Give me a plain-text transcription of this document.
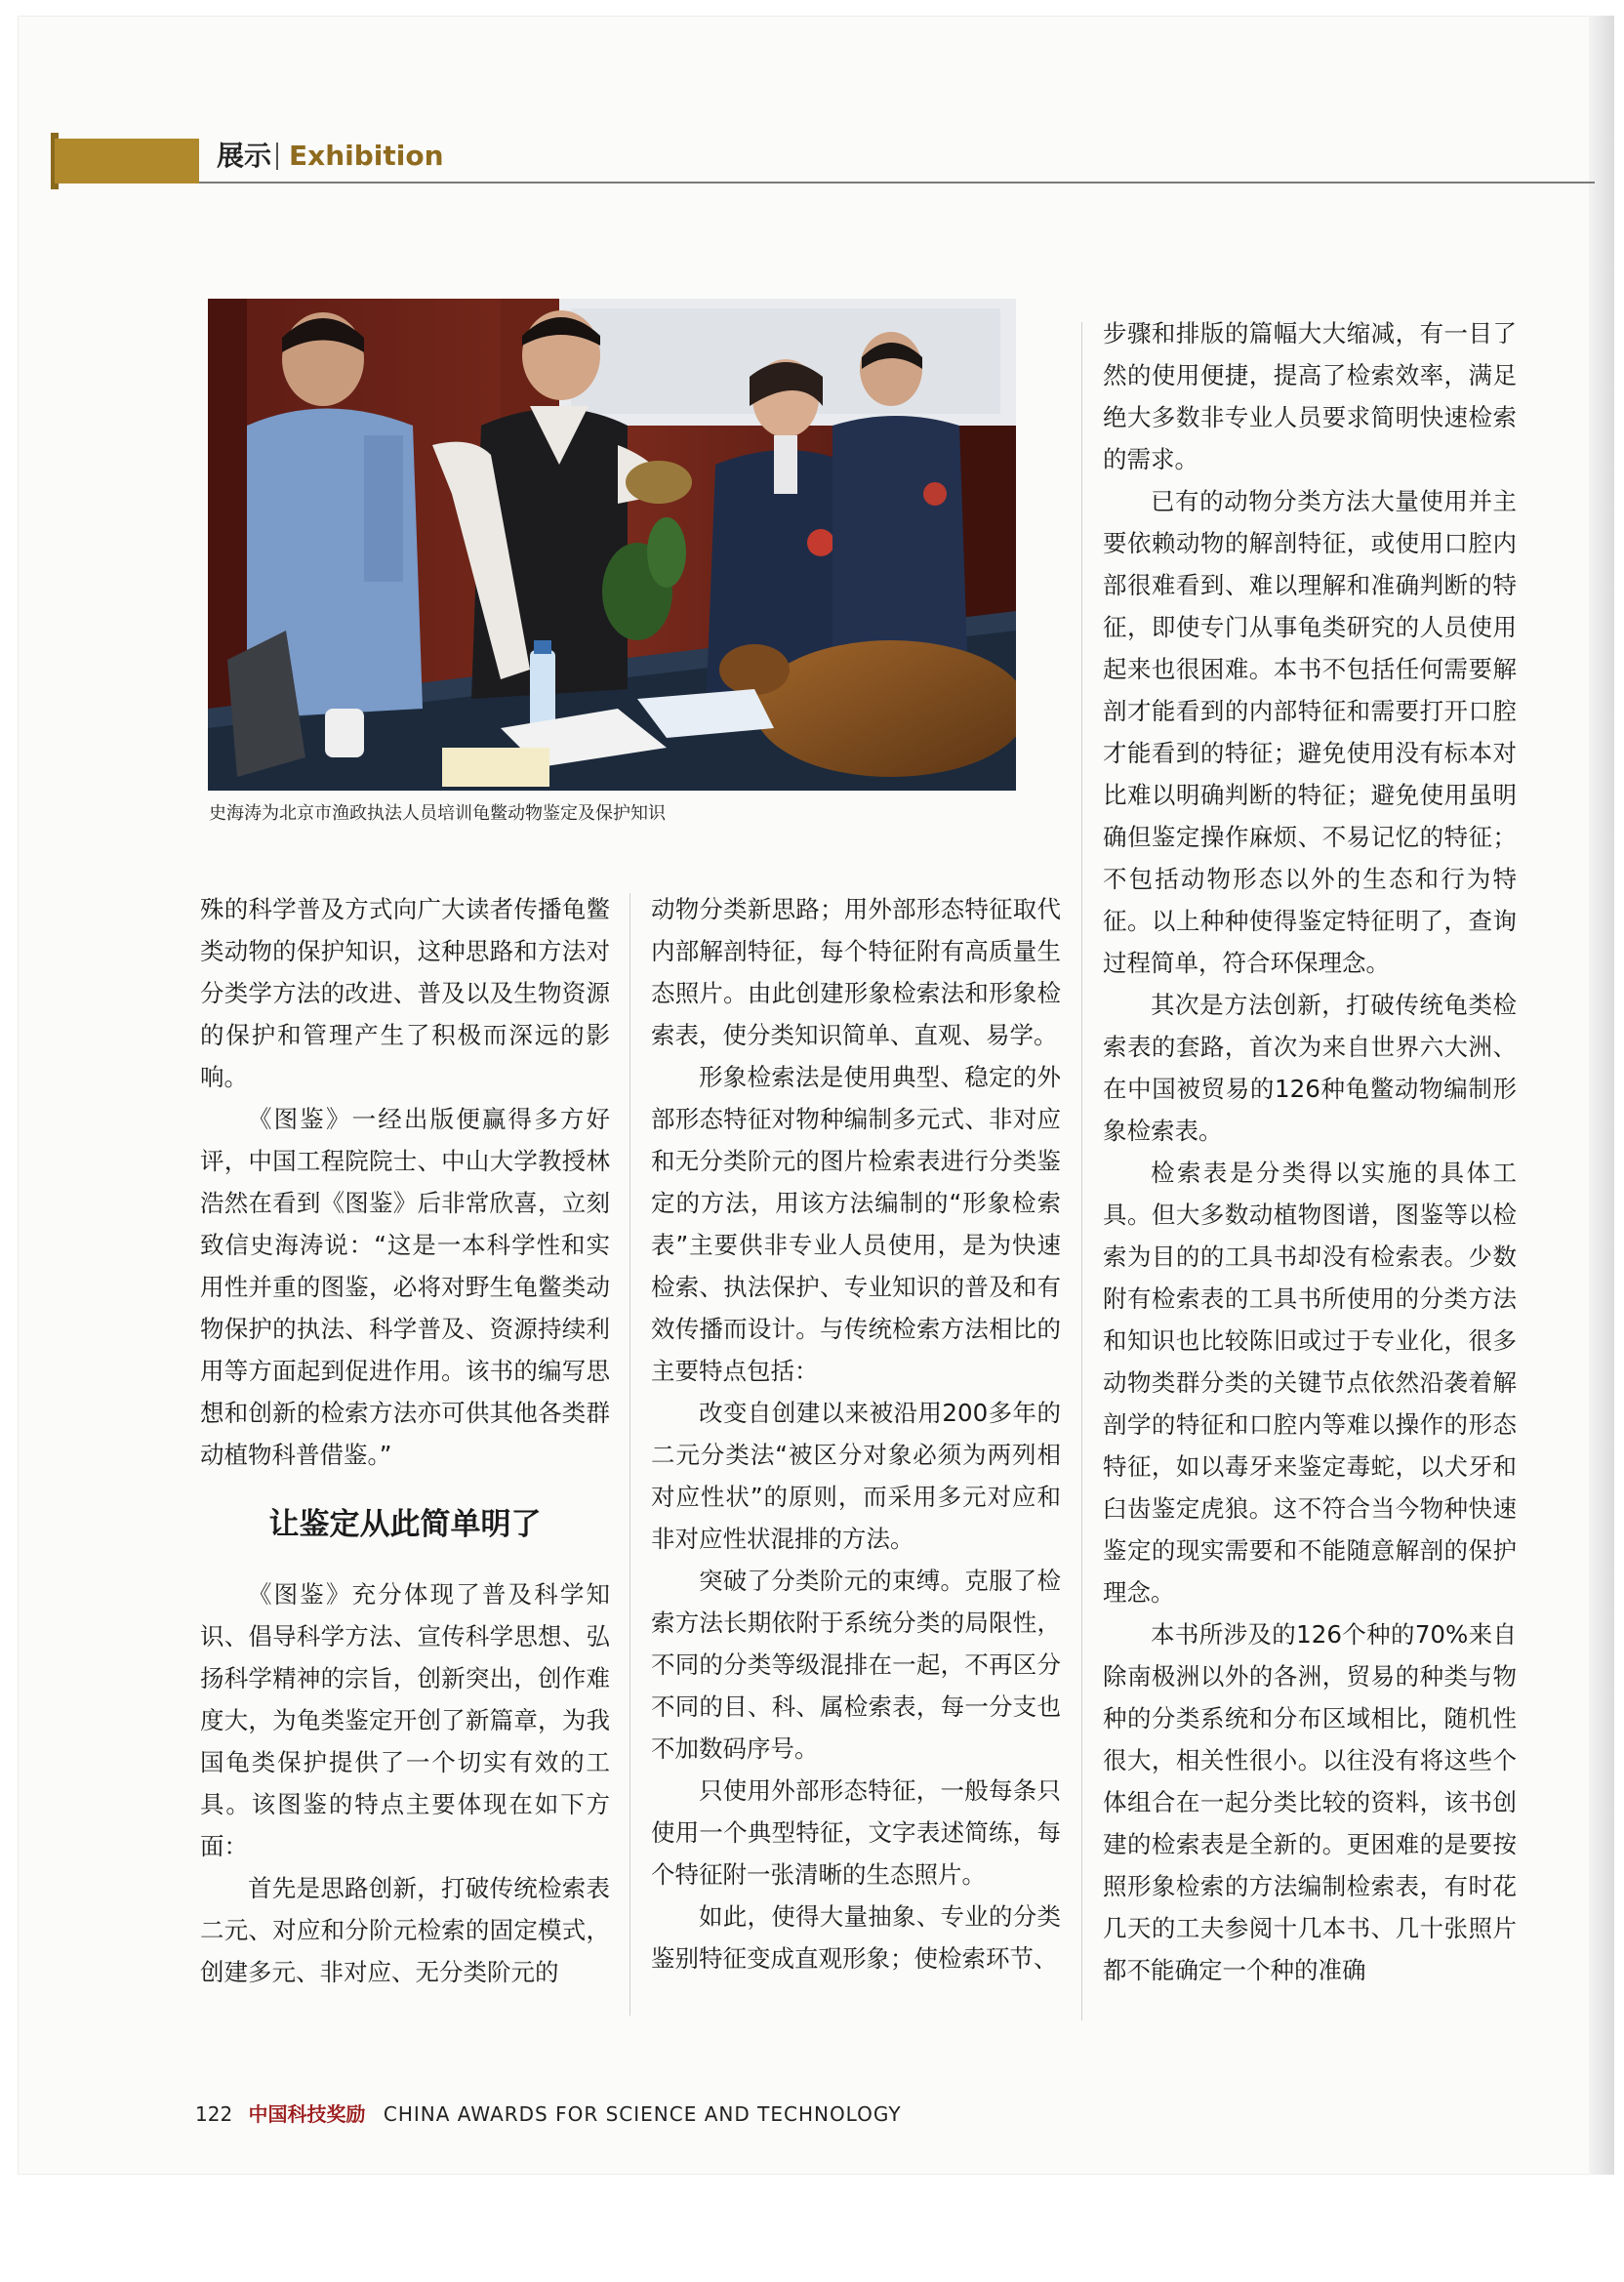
展示 Exhibition
史海涛为北京市渔政执法人员培训龟鳖动物鉴定及保护知识

殊的科学普及方式向广大读者传播龟鳖类动物的保护知识，这种思路和方法对分类学方法的改进、普及以及生物资源的保护和管理产生了积极而深远的影响。

《图鉴》一经出版便赢得多方好评，中国工程院院士、中山大学教授林浩然在看到《图鉴》后非常欣喜，立刻致信史海涛说：“这是一本科学性和实用性并重的图鉴，必将对野生龟鳖类动物保护的执法、科学普及、资源持续利用等方面起到促进作用。该书的编写思想和创新的检索方法亦可供其他各类群动植物科普借鉴。”

让鉴定从此简单明了

《图鉴》充分体现了普及科学知识、倡导科学方法、宣传科学思想、弘扬科学精神的宗旨，创新突出，创作难度大，为龟类鉴定开创了新篇章，为我国龟类保护提供了一个切实有效的工具。该图鉴的特点主要体现在如下方面：

首先是思路创新，打破传统检索表二元、对应和分阶元检索的固定模式，创建多元、非对应、无分类阶元的

动物分类新思路；用外部形态特征取代内部解剖特征，每个特征附有高质量生态照片。由此创建形象检索法和形象检索表，使分类知识简单、直观、易学。

形象检索法是使用典型、稳定的外部形态特征对物种编制多元式、非对应和无分类阶元的图片检索表进行分类鉴定的方法，用该方法编制的“形象检索表”主要供非专业人员使用，是为快速检索、执法保护、专业知识的普及和有效传播而设计。与传统检索方法相比的主要特点包括：

改变自创建以来被沿用200多年的二元分类法“被区分对象必须为两列相对应性状”的原则，而采用多元对应和非对应性状混排的方法。

突破了分类阶元的束缚。克服了检索方法长期依附于系统分类的局限性，不同的分类等级混排在一起，不再区分不同的目、科、属检索表，每一分支也不加数码序号。

只使用外部形态特征，一般每条只使用一个典型特征，文字表述简练，每个特征附一张清晰的生态照片。

如此，使得大量抽象、专业的分类鉴别特征变成直观形象；使检索环节、

步骤和排版的篇幅大大缩减，有一目了然的使用便捷，提高了检索效率，满足绝大多数非专业人员要求简明快速检索的需求。

已有的动物分类方法大量使用并主要依赖动物的解剖特征，或使用口腔内部很难看到、难以理解和准确判断的特征，即使专门从事龟类研究的人员使用起来也很困难。本书不包括任何需要解剖才能看到的内部特征和需要打开口腔才能看到的特征；避免使用没有标本对比难以明确判断的特征；避免使用虽明确但鉴定操作麻烦、不易记忆的特征；不包括动物形态以外的生态和行为特征。以上种种使得鉴定特征明了，查询过程简单，符合环保理念。

其次是方法创新，打破传统龟类检索表的套路，首次为来自世界六大洲、在中国被贸易的126种龟鳖动物编制形象检索表。

检索表是分类得以实施的具体工具。但大多数动植物图谱，图鉴等以检索为目的的工具书却没有检索表。少数附有检索表的工具书所使用的分类方法和知识也比较陈旧或过于专业化，很多动物类群分类的关键节点依然沿袭着解剖学的特征和口腔内等难以操作的形态特征，如以毒牙来鉴定毒蛇，以犬牙和臼齿鉴定虎狼。这不符合当今物种快速鉴定的现实需要和不能随意解剖的保护理念。

本书所涉及的126个种的70%来自除南极洲以外的各洲，贸易的种类与物种的分类系统和分布区域相比，随机性很大，相关性很小。以往没有将这些个体组合在一起分类比较的资料，该书创建的检索表是全新的。更困难的是要按照形象检索的方法编制检索表，有时花几天的工夫参阅十几本书、几十张照片都不能确定一个种的准确

122 中国科技奖励 CHINA AWARDS FOR SCIENCE AND TECHNOLOGY
